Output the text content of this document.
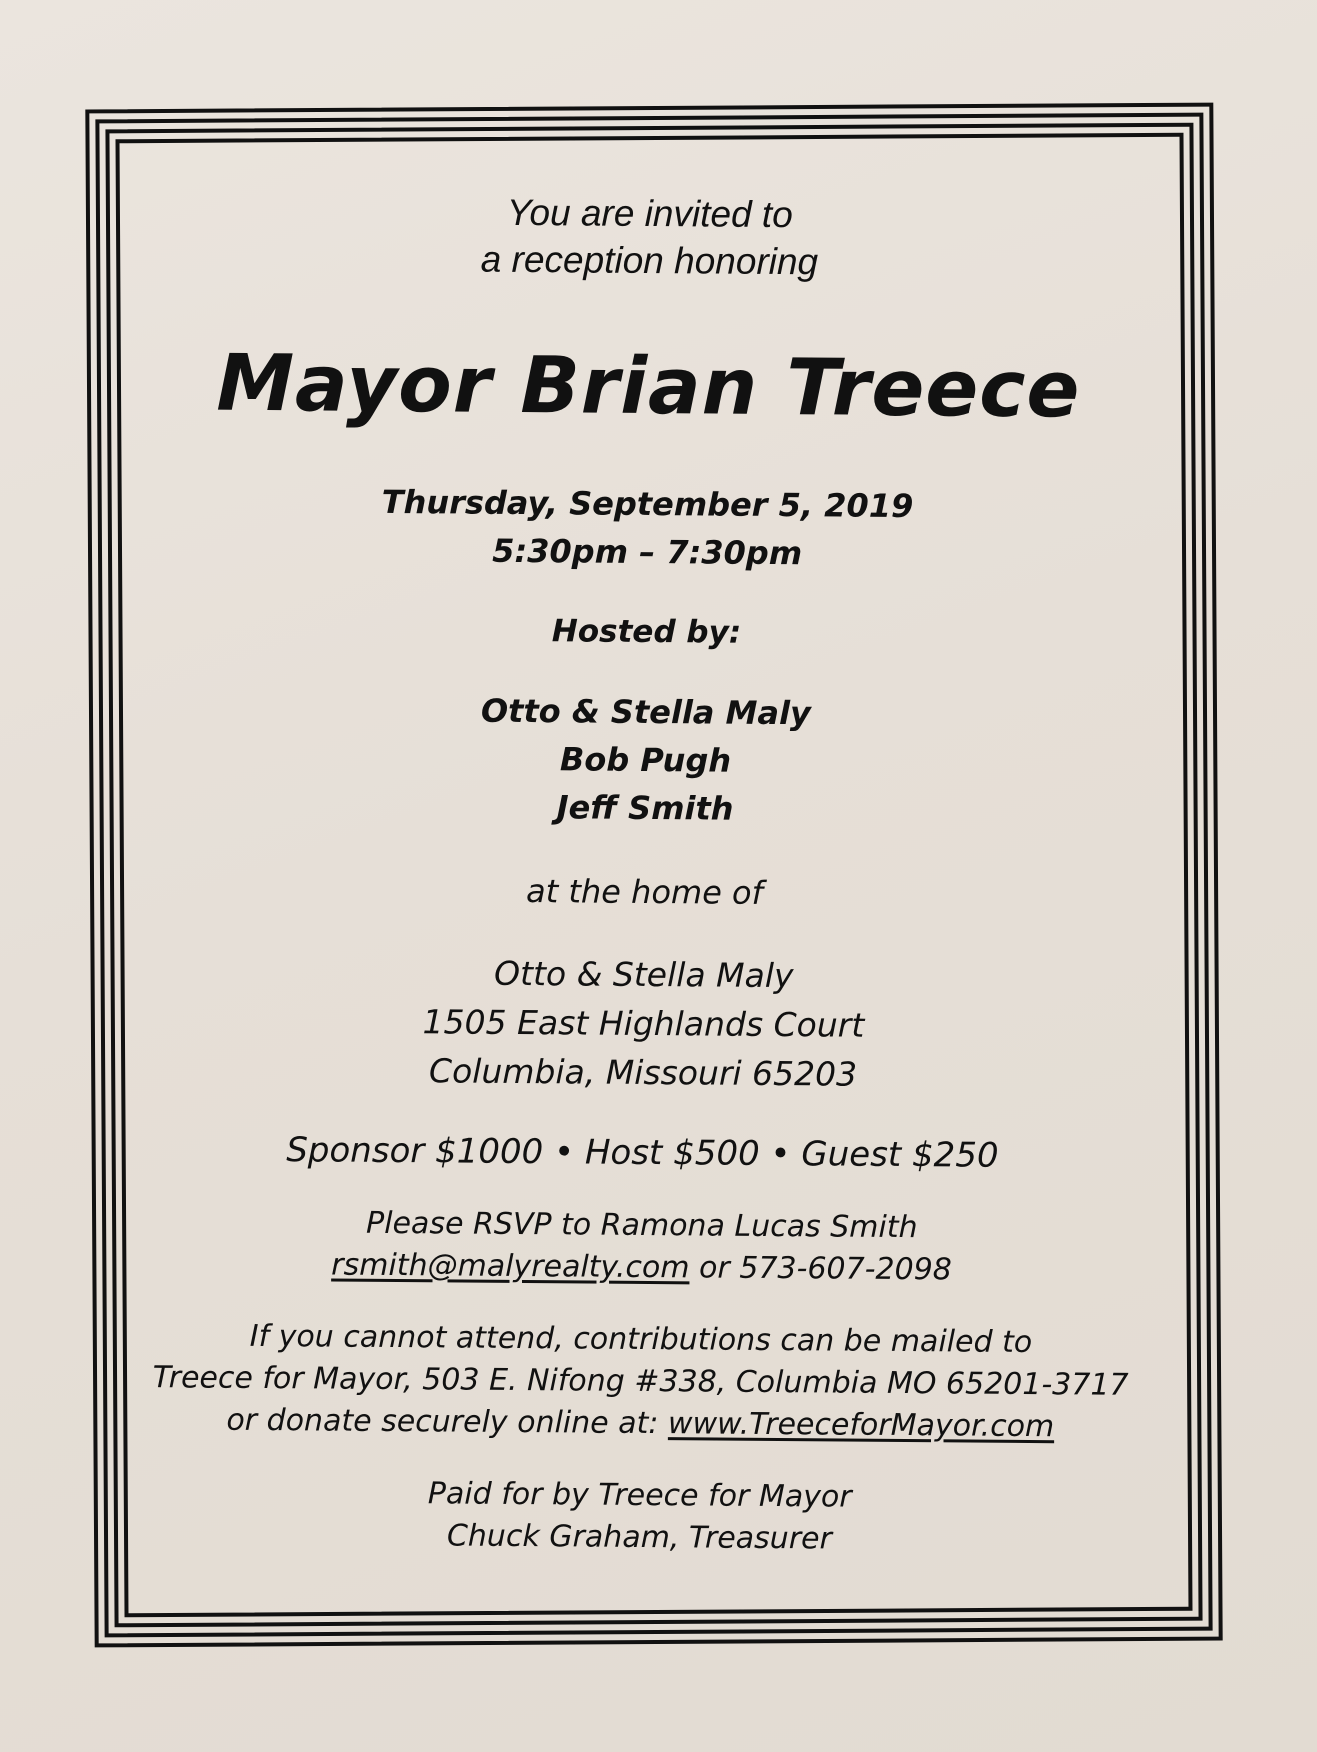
You are invited to

a reception honoring

Mayor Brian Treece

Thursday, September 5, 2019

5:30pm – 7:30pm

Hosted by:

Otto & Stella Maly

Bob Pugh

Jeff Smith

at the home of

Otto & Stella Maly

1505 East Highlands Court

Columbia, Missouri 65203

Sponsor $1000 • Host $500 • Guest $250

Please RSVP to Ramona Lucas Smith

rsmith@malyrealty.com or 573-607-2098

If you cannot attend, contributions can be mailed to

Treece for Mayor, 503 E. Nifong #338, Columbia MO 65201-3717

or donate securely online at: www.TreeceforMayor.com

Paid for by Treece for Mayor

Chuck Graham, Treasurer
